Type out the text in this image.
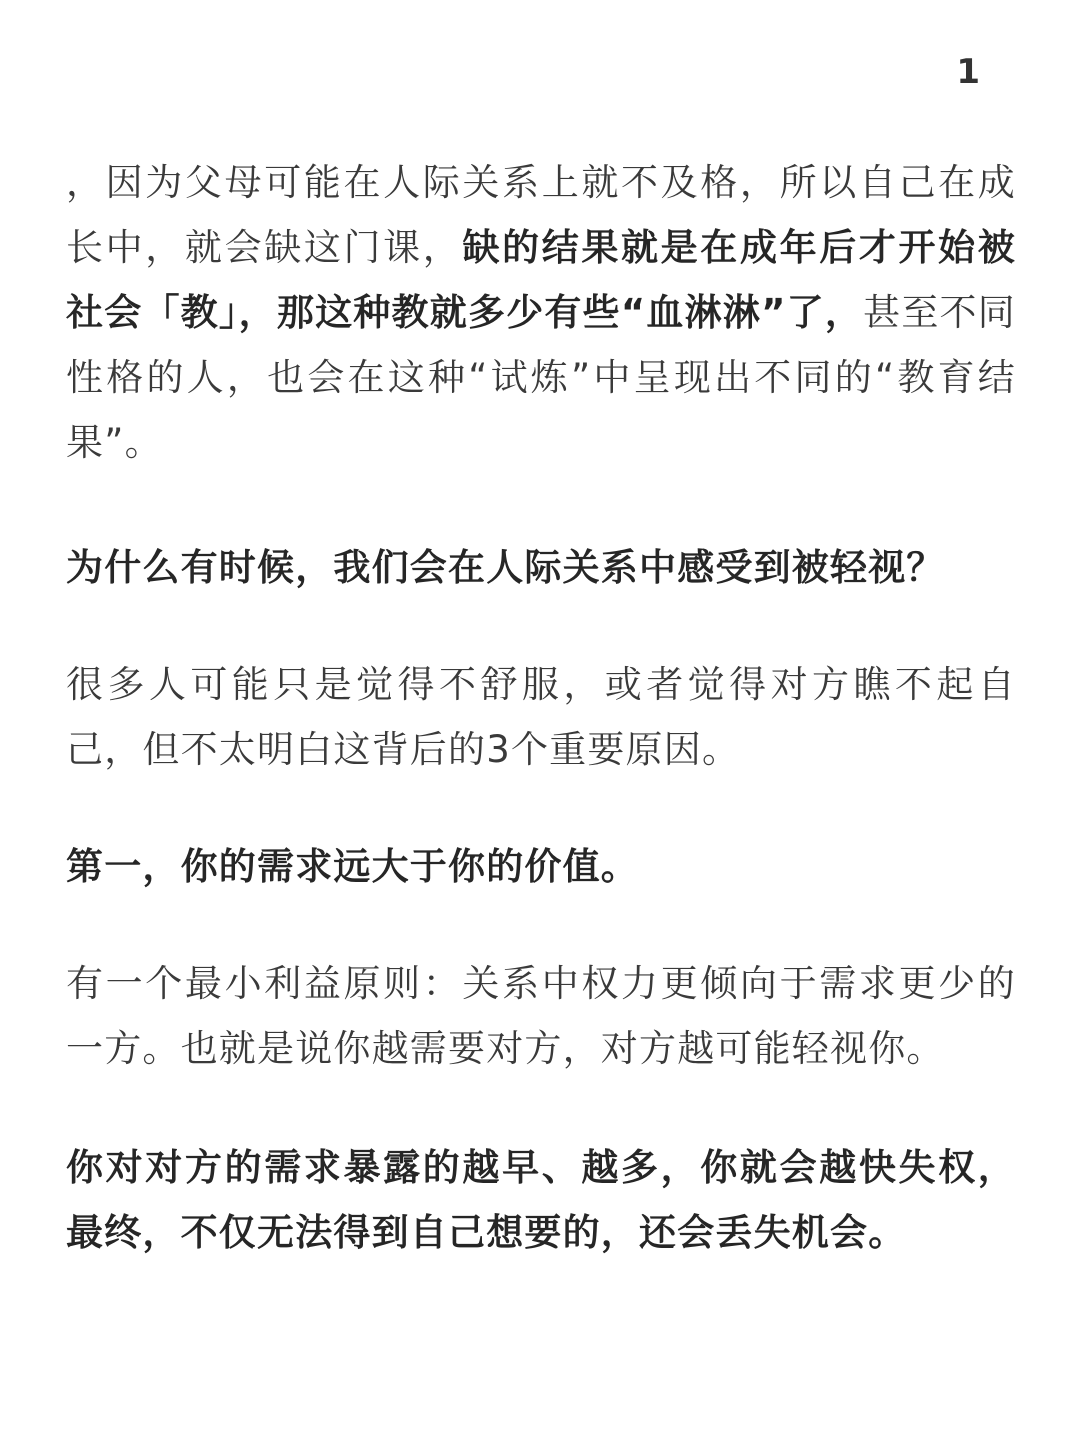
1

，因为父母可能在人际关系上就不及格，所以自己在成长中，就会缺这门课，缺的结果就是在成年后才开始被社会「教」，那这种教就多少有些“血淋淋”了，甚至不同性格的人，也会在这种“试炼”中呈现出不同的“教育结果”。

为什么有时候，我们会在人际关系中感受到被轻视？

很多人可能只是觉得不舒服，或者觉得对方瞧不起自己，但不太明白这背后的3个重要原因。

第一，你的需求远大于你的价值。

有一个最小利益原则：关系中权力更倾向于需求更少的一方。也就是说你越需要对方，对方越可能轻视你。

你对对方的需求暴露的越早、越多，你就会越快失权，最终，不仅无法得到自己想要的，还会丢失机会。
